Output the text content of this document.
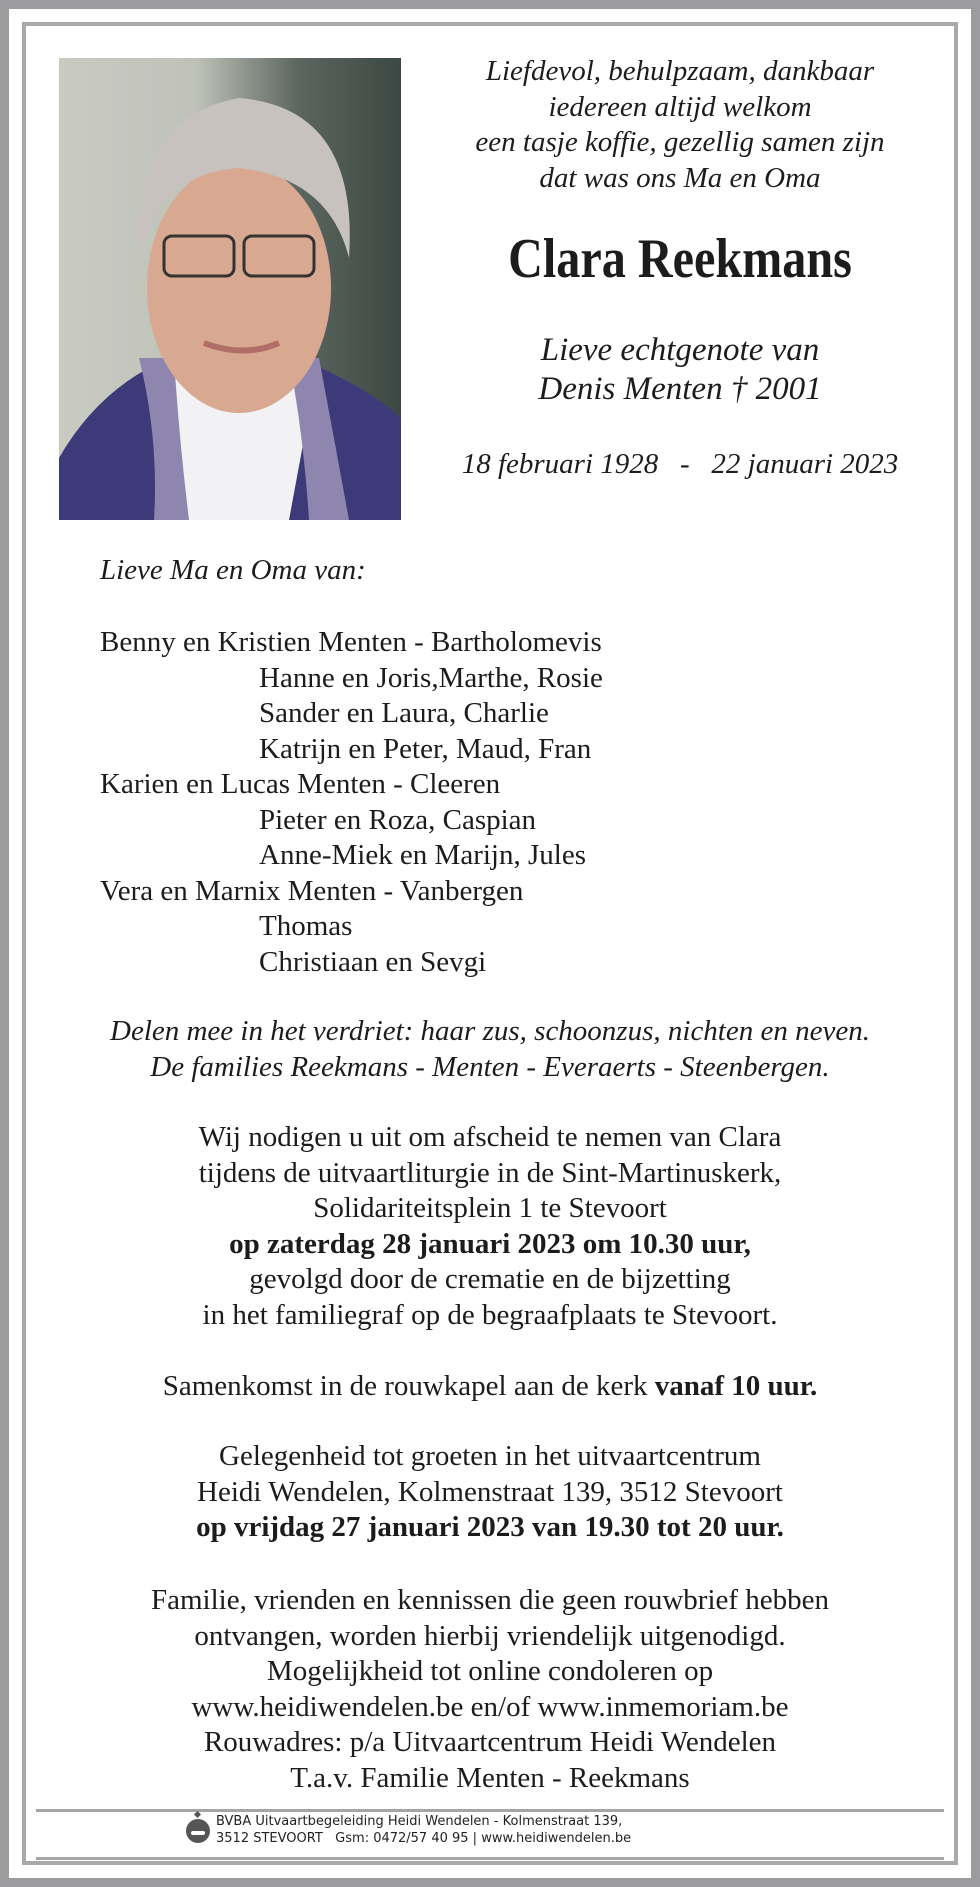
Liefdevol, behulpzaam, dankbaar
iedereen altijd welkom
een tasje koffie, gezellig samen zijn
dat was ons Ma en Oma
Clara Reekmans
Lieve echtgenote van
Denis Menten † 2001
18 februari 1928   -   22 januari 2023
Lieve Ma en Oma van:
Benny en Kristien Menten - Bartholomevis
Hanne en Joris,Marthe, Rosie
Sander en Laura, Charlie
Katrijn en Peter, Maud, Fran
Karien en Lucas Menten - Cleeren
Pieter en Roza, Caspian
Anne-Miek en Marijn, Jules
Vera en Marnix Menten - Vanbergen
Thomas
Christiaan en Sevgi
Delen mee in het verdriet: haar zus, schoonzus, nichten en neven.
De families Reekmans - Menten - Everaerts - Steenbergen.
Wij nodigen u uit om afscheid te nemen van Clara
tijdens de uitvaartliturgie in de Sint-Martinuskerk,
Solidariteitsplein 1 te Stevoort
op zaterdag 28 januari 2023 om 10.30 uur,
gevolgd door de crematie en de bijzetting
in het familiegraf op de begraafplaats te Stevoort.
Samenkomst in de rouwkapel aan de kerk vanaf 10 uur.
Gelegenheid tot groeten in het uitvaartcentrum
Heidi Wendelen, Kolmenstraat 139, 3512 Stevoort
op vrijdag 27 januari 2023 van 19.30 tot 20 uur.
Familie, vrienden en kennissen die geen rouwbrief hebben
ontvangen, worden hierbij vriendelijk uitgenodigd.
Mogelijkheid tot online condoleren op
www.heidiwendelen.be en/of www.inmemoriam.be
Rouwadres: p/a Uitvaartcentrum Heidi Wendelen
T.a.v. Familie Menten - Reekmans
BVBA Uitvaartbegeleiding Heidi Wendelen - Kolmenstraat 139,
3512 STEVOORT   Gsm: 0472/57 40 95 | www.heidiwendelen.be
